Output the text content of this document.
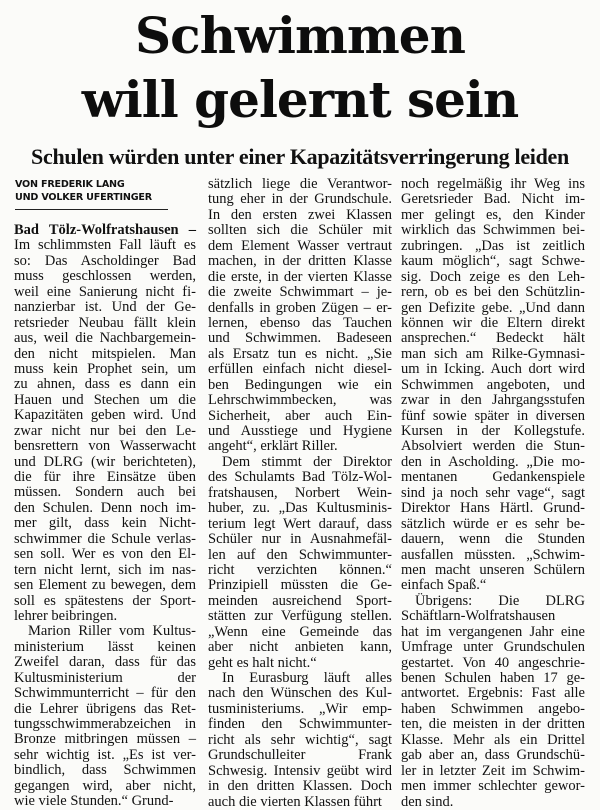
Schwimmen
will gelernt sein
Schulen würden unter einer Kapazitätsverringerung leiden
VON FREDERIK LANG
UND VOLKER UFERTINGER
Bad Tölz-Wolfratshausen –
Im schlimmsten Fall läuft es
so: Das Ascholdinger Bad
muss geschlossen werden,
weil eine Sanierung nicht fi-
nanzierbar ist. Und der Ge-
retsrieder Neubau fällt klein
aus, weil die Nachbargemein-
den nicht mitspielen. Man
muss kein Prophet sein, um
zu ahnen, dass es dann ein
Hauen und Stechen um die
Kapazitäten geben wird. Und
zwar nicht nur bei den Le-
bensrettern von Wasserwacht
und DLRG (wir berichteten),
die für ihre Einsätze üben
müssen. Sondern auch bei
den Schulen. Denn noch im-
mer gilt, dass kein Nicht-
schwimmer die Schule verlas-
sen soll. Wer es von den El-
tern nicht lernt, sich im nas-
sen Element zu bewegen, dem
soll es spätestens der Sport-
lehrer beibringen.
Marion Riller vom Kultus-
ministerium lässt keinen
Zweifel daran, dass für das
Kultusministerium der
Schwimmunterricht – für den
die Lehrer übrigens das Ret-
tungsschwimmerabzeichen in
Bronze mitbringen müssen –
sehr wichtig ist. „Es ist ver-
bindlich, dass Schwimmen
gegangen wird, aber nicht,
wie viele Stunden.“ Grund-
sätzlich liege die Verantwor-
tung eher in der Grundschule.
In den ersten zwei Klassen
sollten sich die Schüler mit
dem Element Wasser vertraut
machen, in der dritten Klasse
die erste, in der vierten Klasse
die zweite Schwimmart – je-
denfalls in groben Zügen – er-
lernen, ebenso das Tauchen
und Schwimmen. Badeseen
als Ersatz tun es nicht. „Sie
erfüllen einfach nicht diesel-
ben Bedingungen wie ein
Lehrschwimmbecken, was
Sicherheit, aber auch Ein-
und Ausstiege und Hygiene
angeht“, erklärt Riller.
Dem stimmt der Direktor
des Schulamts Bad Tölz-Wol-
fratshausen, Norbert Wein-
huber, zu. „Das Kultusminis-
terium legt Wert darauf, dass
Schüler nur in Ausnahmefäl-
len auf den Schwimmunter-
richt verzichten können.“
Prinzipiell müssten die Ge-
meinden ausreichend Sport-
stätten zur Verfügung stellen.
„Wenn eine Gemeinde das
aber nicht anbieten kann,
geht es halt nicht.“
In Eurasburg läuft alles
nach den Wünschen des Kul-
tusministeriums. „Wir emp-
finden den Schwimmunter-
richt als sehr wichtig“, sagt
Grundschulleiter Frank
Schwesig. Intensiv geübt wird
in den dritten Klassen. Doch
auch die vierten Klassen führt
noch regelmäßig ihr Weg ins
Geretsrieder Bad. Nicht im-
mer gelingt es, den Kinder
wirklich das Schwimmen bei-
zubringen. „Das ist zeitlich
kaum möglich“, sagt Schwe-
sig. Doch zeige es den Leh-
rern, ob es bei den Schützlin-
gen Defizite gebe. „Und dann
können wir die Eltern direkt
ansprechen.“ Bedeckt hält
man sich am Rilke-Gymnasi-
um in Icking. Auch dort wird
Schwimmen angeboten, und
zwar in den Jahrgangsstufen
fünf sowie später in diversen
Kursen in der Kollegstufe.
Absolviert werden die Stun-
den in Ascholding. „Die mo-
mentanen Gedankenspiele
sind ja noch sehr vage“, sagt
Direktor Hans Härtl. Grund-
sätzlich würde er es sehr be-
dauern, wenn die Stunden
ausfallen müssten. „Schwim-
men macht unseren Schülern
einfach Spaß.“
Übrigens: Die DLRG
Schäftlarn-Wolfratshausen
hat im vergangenen Jahr eine
Umfrage unter Grundschulen
gestartet. Von 40 angeschrie-
benen Schulen haben 17 ge-
antwortet. Ergebnis: Fast alle
haben Schwimmen angebo-
ten, die meisten in der dritten
Klasse. Mehr als ein Drittel
gab aber an, dass Grundschü-
ler in letzter Zeit im Schwim-
men immer schlechter gewor-
den sind.
